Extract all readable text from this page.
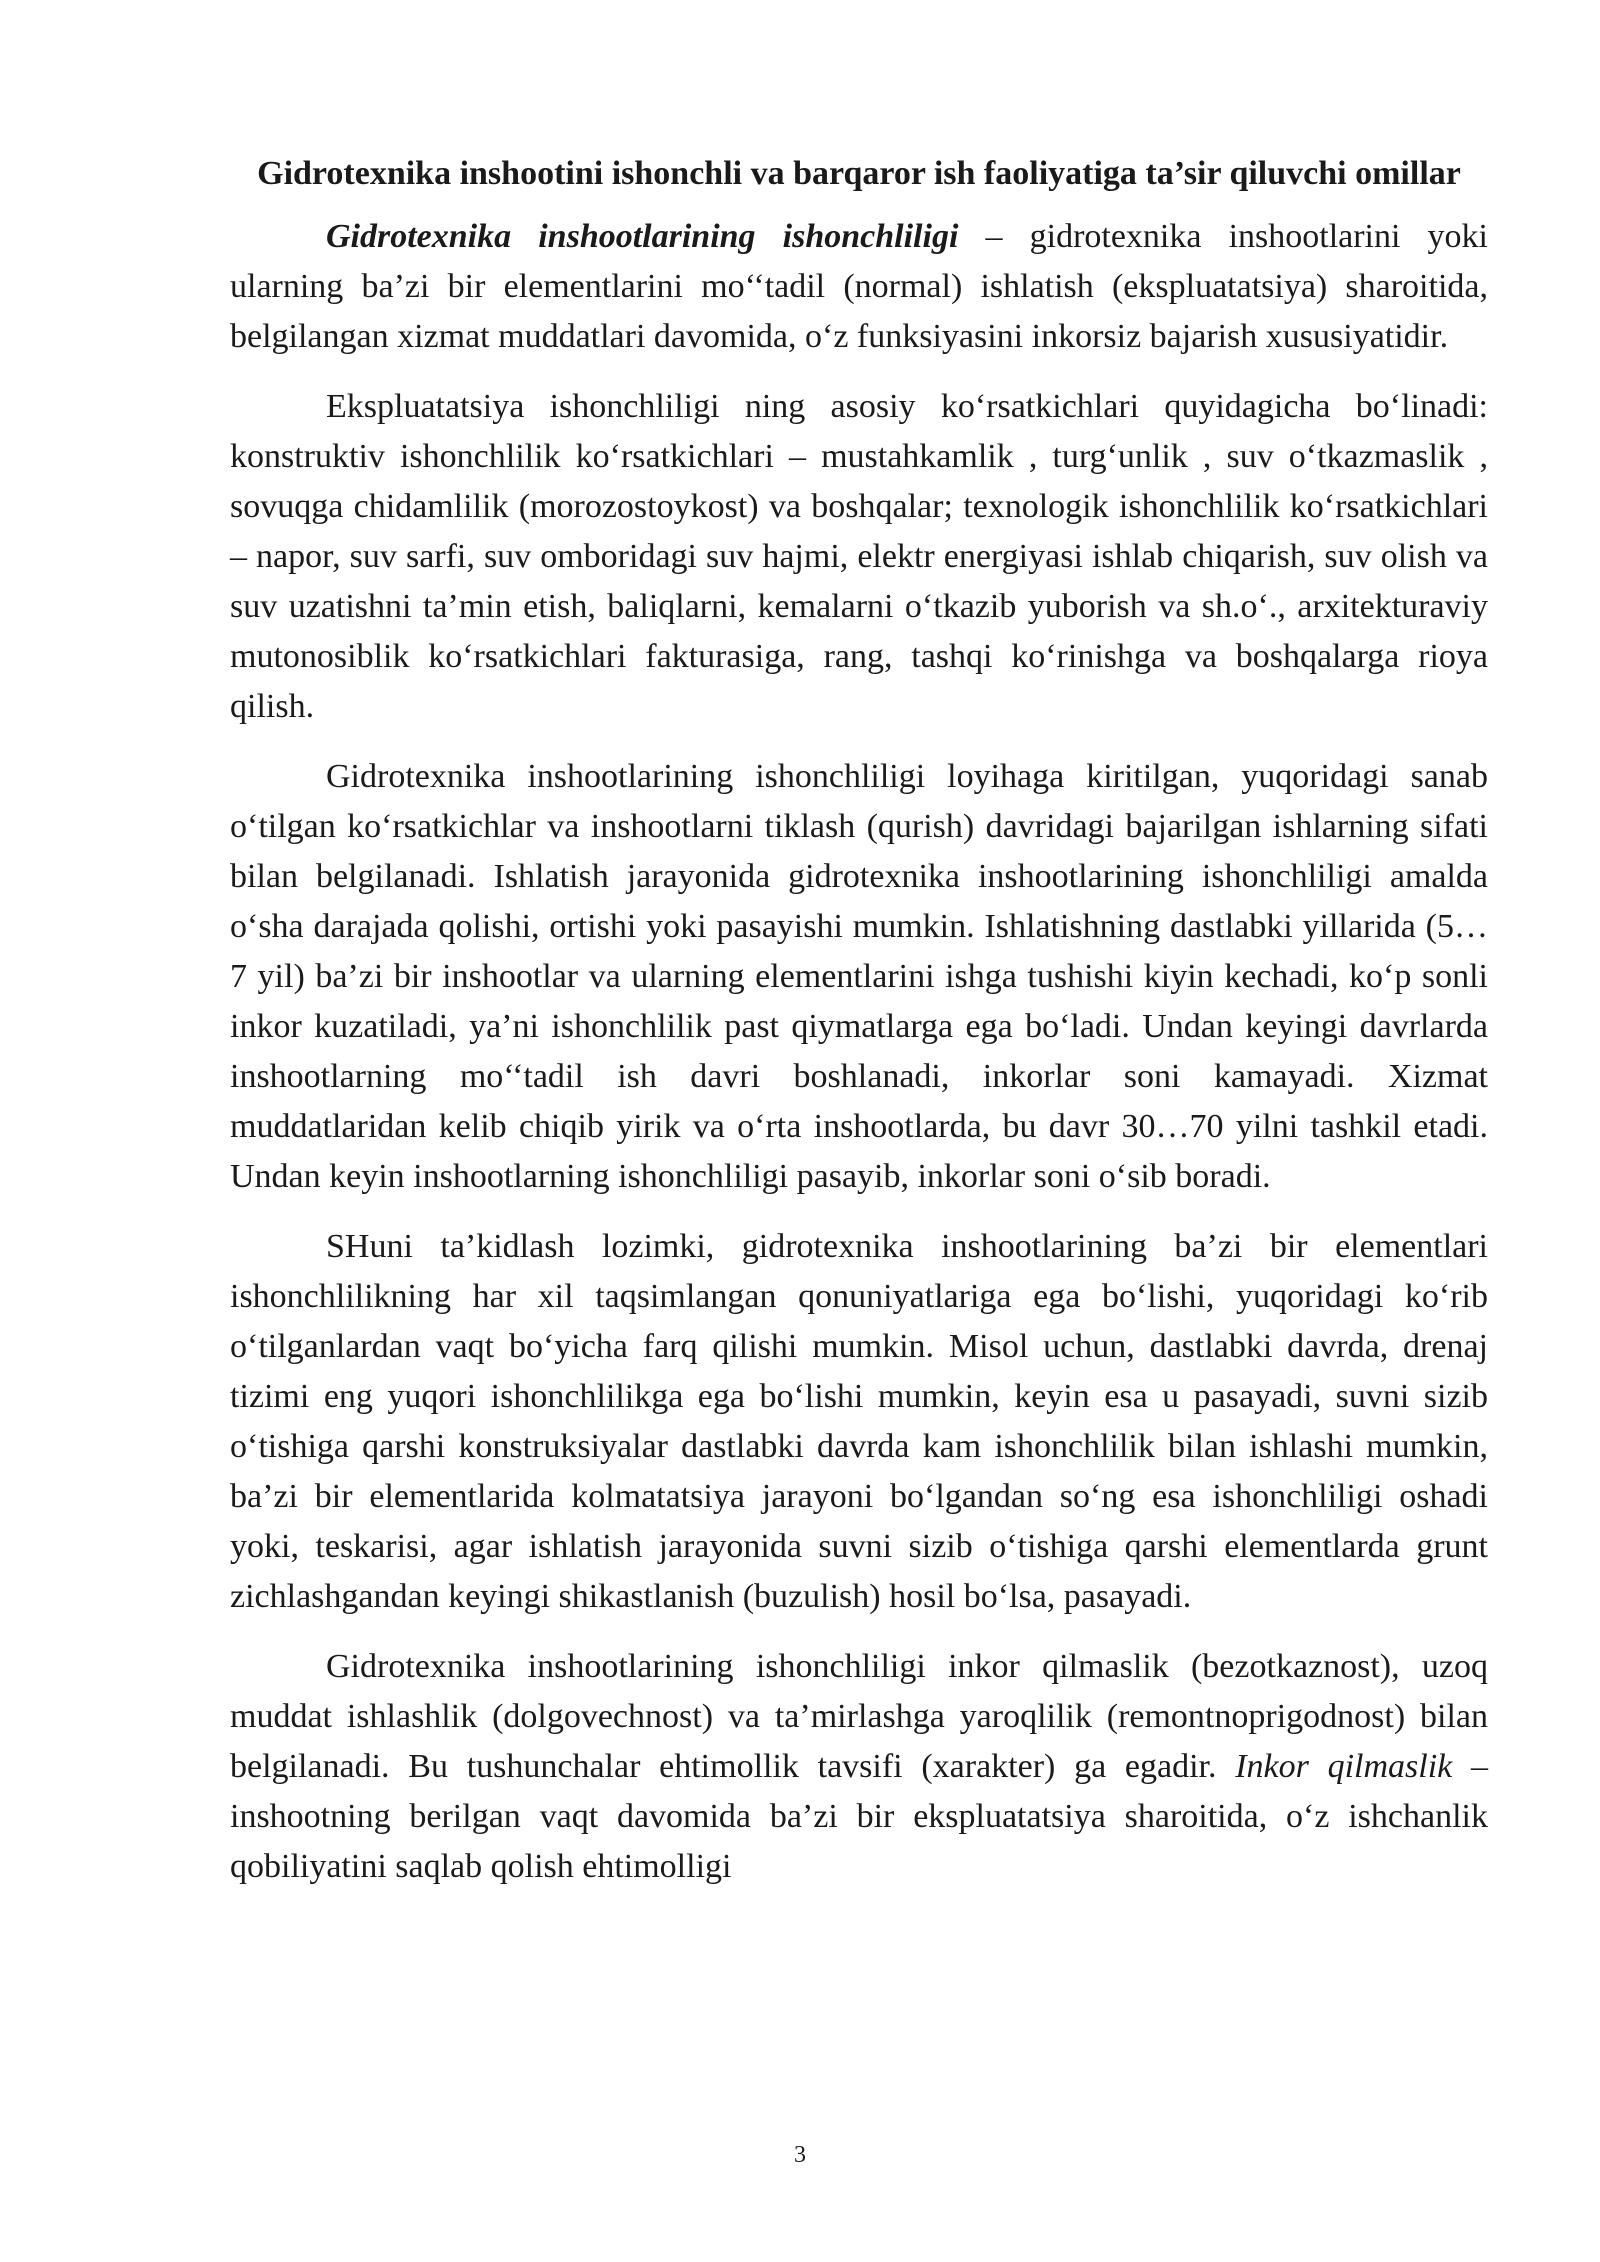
Gidrotexnika inshootini ishonchli va barqaror ish faoliyatiga ta’sir qiluvchi omillar

Gidrotexnika inshootlarining ishonchliligi – gidrotexnika inshootlarini yoki ularning ba’zi bir elementlarini mo‘‘tadil (normal) ishlatish (ekspluatatsiya) sharoitida, belgilangan xizmat muddatlari davomida, o‘z funksiyasini inkorsiz bajarish xususiyatidir.

Ekspluatatsiya ishonchliligi ning asosiy ko‘rsatkichlari quyidagicha bo‘linadi: konstruktiv ishonchlilik ko‘rsatkichlari – mustahkamlik , turg‘unlik , suv o‘tkazmaslik , sovuqga chidamlilik (morozostoykost) va boshqalar; texnologik ishonchlilik ko‘rsatkichlari – napor, suv sarfi, suv omboridagi suv hajmi, elektr energiyasi ishlab chiqarish, suv olish va suv uzatishni ta’min etish, baliqlarni, kemalarni o‘tkazib yuborish va sh.o‘., arxitekturaviy mutonosiblik ko‘rsatkichlari fakturasiga, rang, tashqi ko‘rinishga va boshqalarga rioya qilish.

Gidrotexnika inshootlarining ishonchliligi loyihaga kiritilgan, yuqoridagi sanab o‘tilgan ko‘rsatkichlar va inshootlarni tiklash (qurish) davridagi bajarilgan ishlarning sifati bilan belgilanadi. Ishlatish jarayonida gidrotexnika inshootlarining ishonchliligi amalda o‘sha darajada qolishi, ortishi yoki pasayishi mumkin. Ishlatishning dastlabki yillarida (5…7 yil) ba’zi bir inshootlar va ularning elementlarini ishga tushishi kiyin kechadi, ko‘p sonli inkor kuzatiladi, ya’ni ishonchlilik past qiymatlarga ega bo‘ladi. Undan keyingi davrlarda inshootlarning mo‘‘tadil ish davri boshlanadi, inkorlar soni kamayadi. Xizmat muddatlaridan kelib chiqib yirik va o‘rta inshootlarda, bu davr 30…70 yilni tashkil etadi. Undan keyin inshootlarning ishonchliligi pasayib, inkorlar soni o‘sib boradi.

SHuni ta’kidlash lozimki, gidrotexnika inshootlarining ba’zi bir elementlari ishonchlilikning har xil taqsimlangan qonuniyatlariga ega bo‘lishi, yuqoridagi ko‘rib o‘tilganlardan vaqt bo‘yicha farq qilishi mumkin. Misol uchun, dastlabki davrda, drenaj tizimi eng yuqori ishonchlilikga ega bo‘lishi mumkin, keyin esa u pasayadi, suvni sizib o‘tishiga qarshi konstruksiyalar dastlabki davrda kam ishonchlilik bilan ishlashi mumkin, ba’zi bir elementlarida kolmatatsiya jarayoni bo‘lgandan so‘ng esa ishonchliligi oshadi yoki, teskarisi, agar ishlatish jarayonida suvni sizib o‘tishiga qarshi elementlarda grunt zichlashgandan keyingi shikastlanish (buzulish) hosil bo‘lsa, pasayadi.

Gidrotexnika inshootlarining ishonchliligi inkor qilmaslik (bezotkaznost), uzoq muddat ishlashlik (dolgovechnost) va ta’mirlashga yaroqlilik (remontnoprigodnost) bilan belgilanadi. Bu tushunchalar ehtimollik tavsifi (xarakter) ga egadir. Inkor qilmaslik – inshootning berilgan vaqt davomida ba’zi bir ekspluatatsiya sharoitida, o‘z ishchanlik qobiliyatini saqlab qolish ehtimolligi

3
